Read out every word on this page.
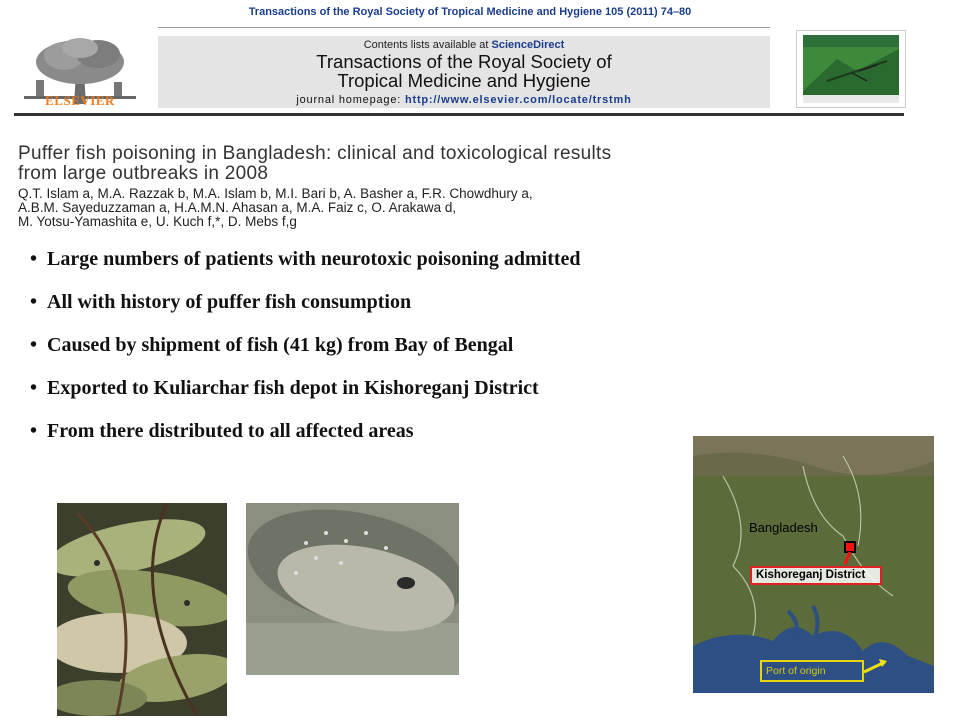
Transactions of the Royal Society of Tropical Medicine and Hygiene 105 (2011) 74–80
ELSEVIER
Contents lists available at ScienceDirect
Transactions of the Royal Society of
Tropical Medicine and Hygiene
journal homepage: http://www.elsevier.com/locate/trstmh
Puffer fish poisoning in Bangladesh: clinical and toxicological results
from large outbreaks in 2008
Q.T. Islam a, M.A. Razzak b, M.A. Islam b, M.I. Bari b, A. Basher a, F.R. Chowdhury a,
A.B.M. Sayeduzzaman a, H.A.M.N. Ahasan a, M.A. Faiz c, O. Arakawa d,
M. Yotsu-Yamashita e, U. Kuch f,*, D. Mebs f,g
• Large numbers of patients with neurotoxic poisoning admitted
• All with history of puffer fish consumption
• Caused by shipment of fish (41 kg) from Bay of Bengal
• Exported to Kuliarchar fish depot in Kishoreganj District
• From there distributed to all affected areas
Bangladesh
Kishoreganj District
Port of origin
